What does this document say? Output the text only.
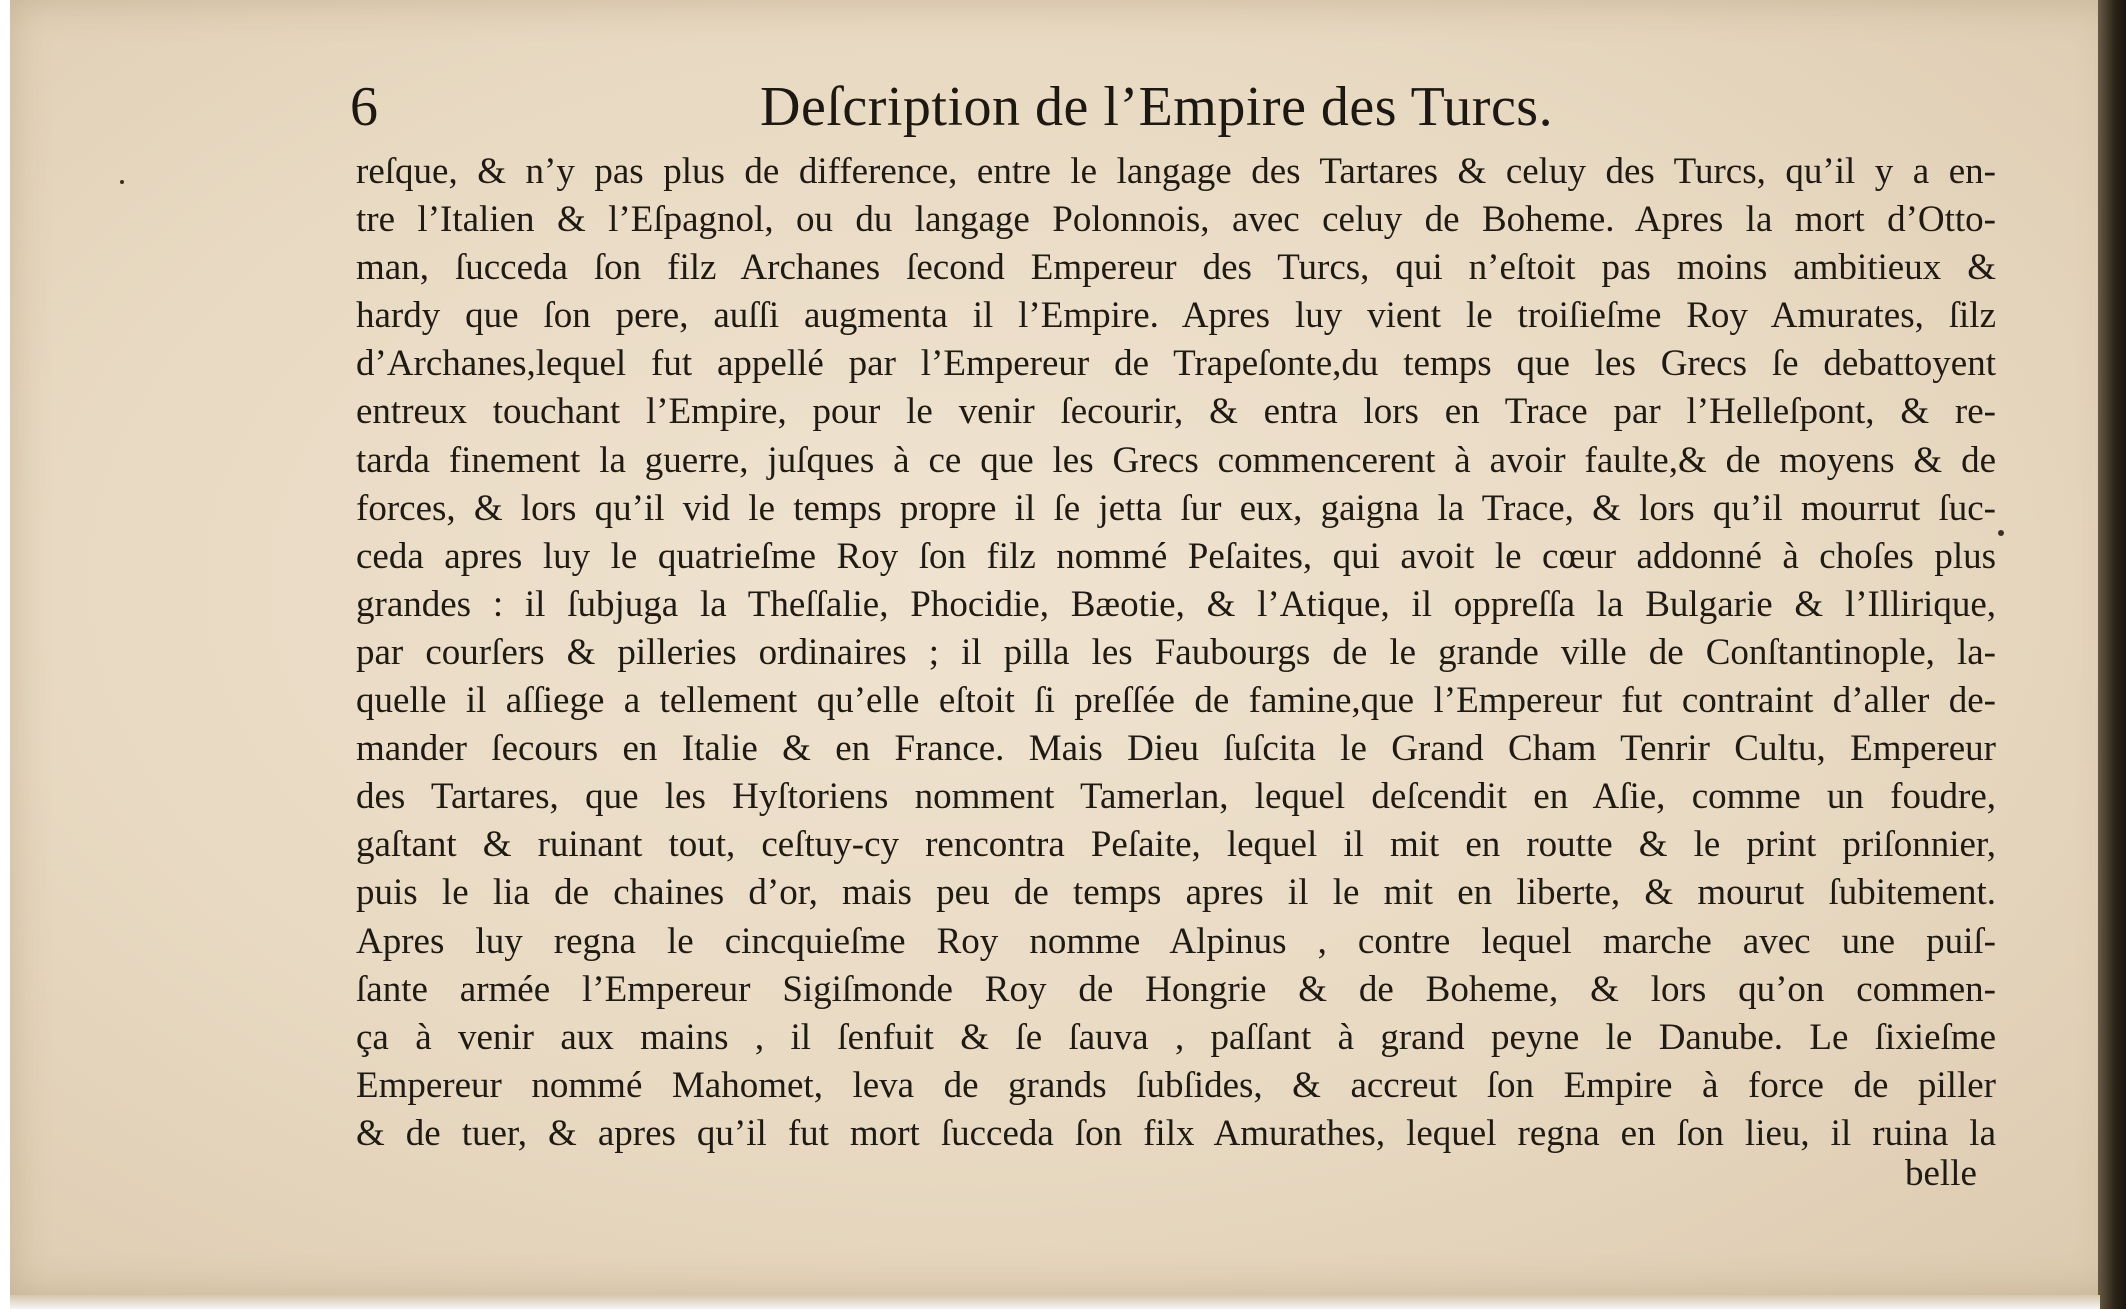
6	Deſcription de l’Empire des Turcs.
reſque, & n’y pas plus de difference, entre le langage des Tartares & celuy des Turcs, qu’il y a en-
tre l’Italien & l’Eſpagnol, ou du langage Polonnois, avec celuy de Boheme. Apres la mort d’Otto-
man, ſucceda ſon filz Archanes ſecond Empereur des Turcs, qui n’eſtoit pas moins ambitieux &
hardy que ſon pere, auſſi augmenta il l’Empire. Apres luy vient le troiſieſme Roy Amurates, ſilz
d’Archanes,lequel fut appellé par l’Empereur de Trapeſonte,du temps que les Grecs ſe debattoyent
entreux touchant l’Empire, pour le venir ſecourir, & entra lors en Trace par l’Helleſpont, & re-
tarda finement la guerre, juſques à ce que les Grecs commencerent à avoir faulte,& de moyens & de
forces, & lors qu’il vid le temps propre il ſe jetta ſur eux, gaigna la Trace, & lors qu’il mourrut ſuc-
ceda apres luy le quatrieſme Roy ſon filz nommé Peſaites, qui avoit le cœur addonné à choſes plus
grandes : il ſubjuga la Theſſalie, Phocidie, Bæotie, & l’Atique, il oppreſſa la Bulgarie & l’Illirique,
par courſers & pilleries ordinaires ; il pilla les Faubourgs de le grande ville de Conſtantinople, la-
quelle il aſſiege a tellement qu’elle eſtoit ſi preſſée de famine,que l’Empereur fut contraint d’aller de-
mander ſecours en Italie & en France. Mais Dieu ſuſcita le Grand Cham Tenrir Cultu, Empereur
des Tartares, que les Hyſtoriens nomment Tamerlan, lequel deſcendit en Aſie, comme un foudre,
gaſtant & ruinant tout, ceſtuy-cy rencontra Peſaite, lequel il mit en routte & le print priſonnier,
puis le lia de chaines d’or, mais peu de temps apres il le mit en liberte, & mourut ſubitement.
Apres luy regna le cincquieſme Roy nomme Alpinus , contre lequel marche avec une puiſ-
ſante armée l’Empereur Sigiſmonde Roy de Hongrie & de Boheme, & lors qu’on commen-
ça à venir aux mains , il ſenfuit & ſe ſauva , paſſant à grand peyne le Danube. Le ſixieſme
Empereur nommé Mahomet, leva de grands ſubſides, & accreut ſon Empire à force de piller
& de tuer, & apres qu’il fut mort ſucceda ſon filx Amurathes, lequel regna en ſon lieu, il ruina la
belle
